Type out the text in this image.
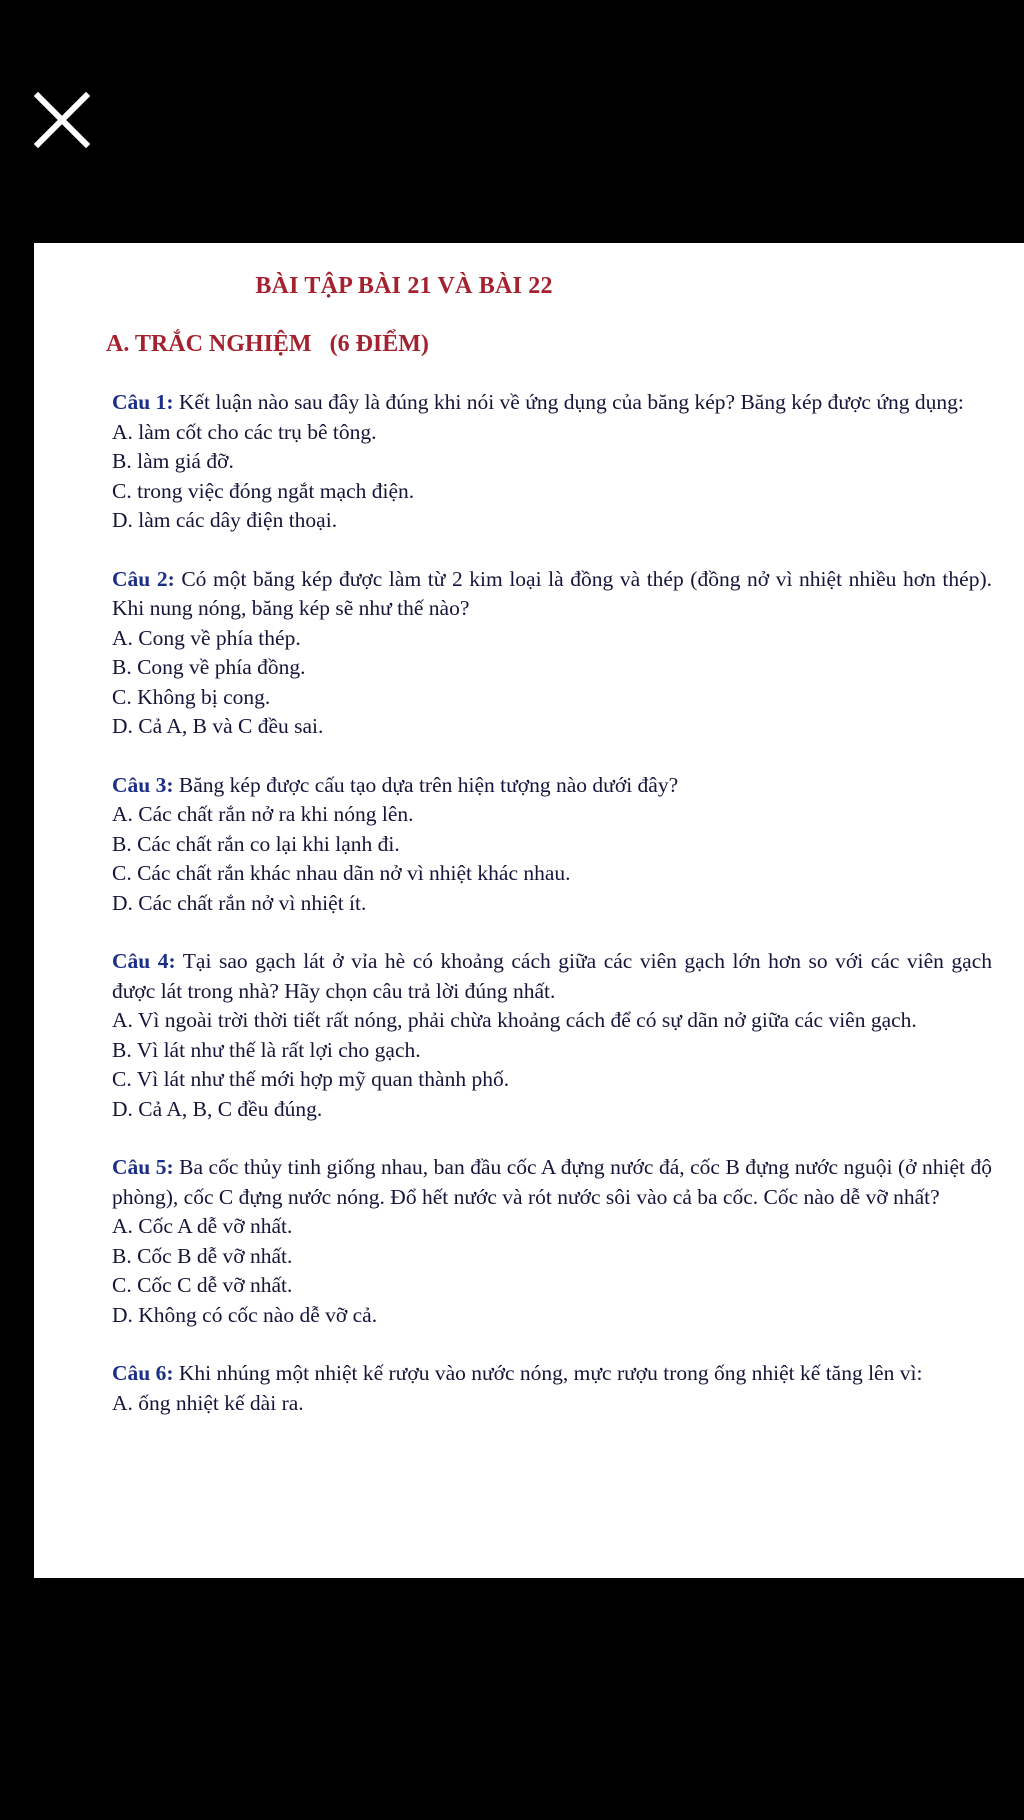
BÀI TẬP BÀI 21 VÀ BÀI 22
A. TRẮC NGHIỆM   (6 ĐIỂM)

Câu 1: Kết luận nào sau đây là đúng khi nói về ứng dụng của băng kép? Băng kép được ứng dụng:

A. làm cốt cho các trụ bê tông.
B. làm giá đỡ.
C. trong việc đóng ngắt mạch điện.
D. làm các dây điện thoại.

Câu 2: Có một băng kép được làm từ 2 kim loại là đồng và thép (đồng nở vì nhiệt nhiều hơn thép). Khi nung nóng, băng kép sẽ như thế nào?

A. Cong về phía thép.
B. Cong về phía đồng.
C. Không bị cong.
D. Cả A, B và C đều sai.

Câu 3: Băng kép được cấu tạo dựa trên hiện tượng nào dưới đây?

A. Các chất rắn nở ra khi nóng lên.
B. Các chất rắn co lại khi lạnh đi.
C. Các chất rắn khác nhau dãn nở vì nhiệt khác nhau.
D. Các chất rắn nở vì nhiệt ít.

Câu 4: Tại sao gạch lát ở vỉa hè có khoảng cách giữa các viên gạch lớn hơn so với các viên gạch được lát trong nhà? Hãy chọn câu trả lời đúng nhất.

A. Vì ngoài trời thời tiết rất nóng, phải chừa khoảng cách để có sự dãn nở giữa các viên gạch.
B. Vì lát như thế là rất lợi cho gạch.
C. Vì lát như thế mới hợp mỹ quan thành phố.
D. Cả A, B, C đều đúng.

Câu 5: Ba cốc thủy tinh giống nhau, ban đầu cốc A đựng nước đá, cốc B đựng nước nguội (ở nhiệt độ phòng), cốc C đựng nước nóng. Đổ hết nước và rót nước sôi vào cả ba cốc. Cốc nào dễ vỡ nhất?

A. Cốc A dễ vỡ nhất.
B. Cốc B dễ vỡ nhất.
C. Cốc C dễ vỡ nhất.
D. Không có cốc nào dễ vỡ cả.

Câu 6: Khi nhúng một nhiệt kế rượu vào nước nóng, mực rượu trong ống nhiệt kế tăng lên vì:

A. ống nhiệt kế dài ra.
